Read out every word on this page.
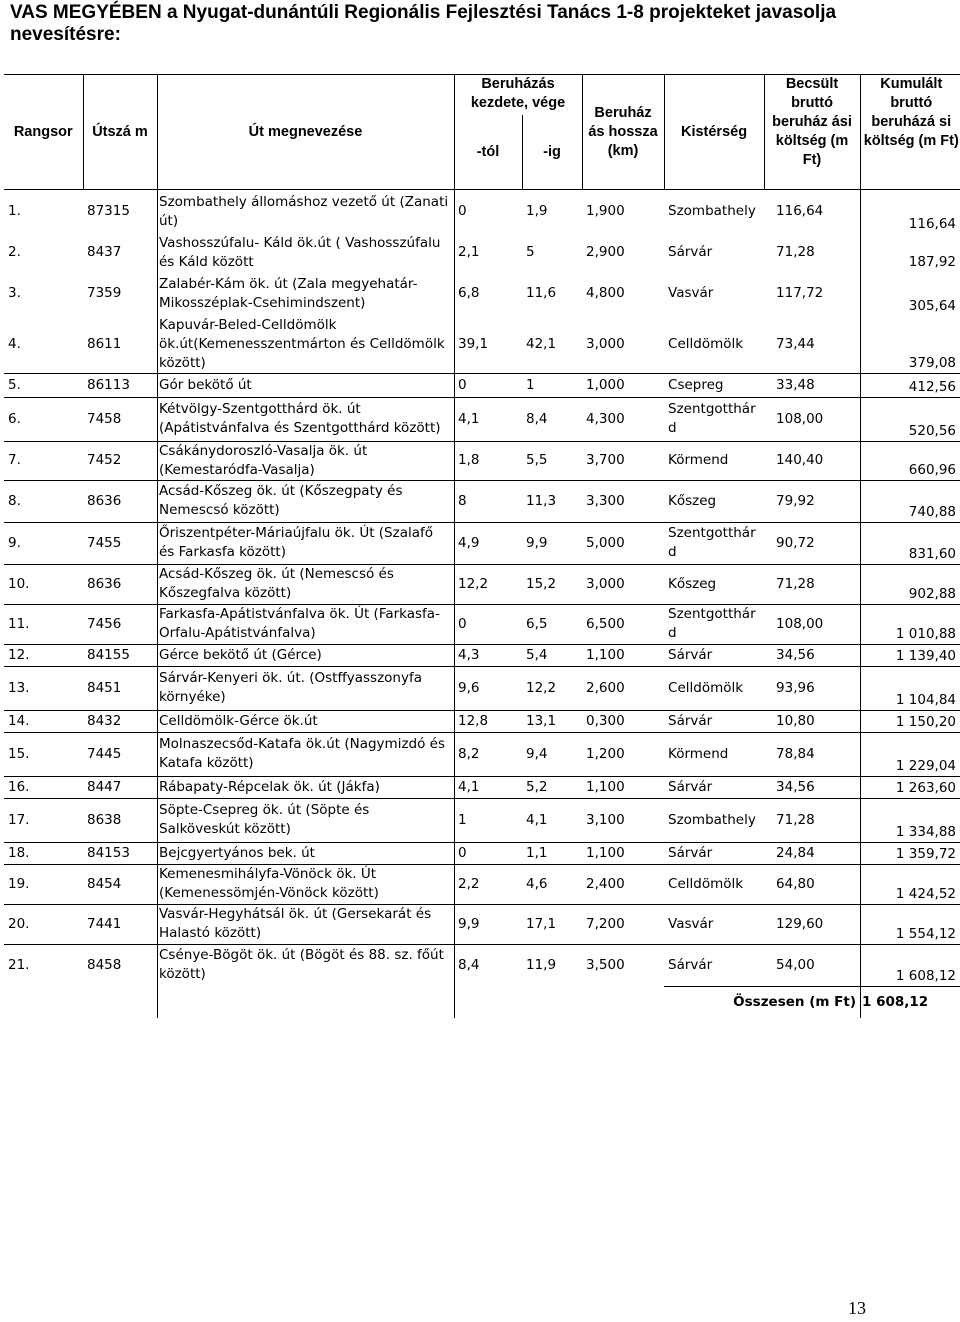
VAS MEGYÉBEN a Nyugat-dunántúli Regionális Fejlesztési Tanács 1-8 projekteket javasolja nevesítésre:
Rangsor	Útszá m	Út megnevezése	Beruházás kezdete, vége		Beruház ás hossza (km)	Kistérség	Becsült bruttó beruház ási költség (m Ft)	Kumulált bruttó beruházá si költség (m Ft)
			-tól	-ig				
1.	87315	Szombathely állomáshoz vezető út (Zanati út)	0	1,9	1,900	Szombathely	116,64	116,64
2.	8437	Vashosszúfalu- Káld ök.út ( Vashosszúfalu és Káld között	2,1	5	2,900	Sárvár	71,28	187,92
3.	7359	Zalabér-Kám ök. út (Zala megyehatár-Mikosszéplak-Csehimindszent)	6,8	11,6	4,800	Vasvár	117,72	305,64
4.	8611	Kapuvár-Beled-Celldömölk ök.út(Kemenesszentmárton és Celldömölk között)	39,1	42,1	3,000	Celldömölk	73,44	379,08
5.	86113	Gór bekötő út	0	1	1,000	Csepreg	33,48	412,56
6.	7458	Kétvölgy-Szentgotthárd ök. út (Apátistvánfalva és Szentgotthárd között)	4,1	8,4	4,300	Szentgotthár d	108,00	520,56
7.	7452	Csákánydoroszló-Vasalja ök. út (Kemestaródfa-Vasalja)	1,8	5,5	3,700	Körmend	140,40	660,96
8.	8636	Acsád-Kőszeg ök. út (Kőszegpaty és Nemescsó között)	8	11,3	3,300	Kőszeg	79,92	740,88
9.	7455	Őriszentpéter-Máriaújfalu ök. Út (Szalafő és Farkasfa között)	4,9	9,9	5,000	Szentgotthár d	90,72	831,60
10.	8636	Acsád-Kőszeg ök. út (Nemescsó és Kőszegfalva között)	12,2	15,2	3,000	Kőszeg	71,28	902,88
11.	7456	Farkasfa-Apátistvánfalva ök. Út (Farkasfa-Orfalu-Apátistvánfalva)	0	6,5	6,500	Szentgotthár d	108,00	1 010,88
12.	84155	Gérce bekötő út (Gérce)	4,3	5,4	1,100	Sárvár	34,56	1 139,40
13.	8451	Sárvár-Kenyeri ök. út. (Ostffyasszonyfa környéke)	9,6	12,2	2,600	Celldömölk	93,96	1 104,84
14.	8432	Celldömölk-Gérce ök.út	12,8	13,1	0,300	Sárvár	10,80	1 150,20
15.	7445	Molnaszecsőd-Katafa ök.út (Nagymizdó és Katafa között)	8,2	9,4	1,200	Körmend	78,84	1 229,04
16.	8447	Rábapaty-Répcelak ök. út (Jákfa)	4,1	5,2	1,100	Sárvár	34,56	1 263,60
17.	8638	Söpte-Csepreg ök. út (Söpte és Salköveskút között)	1	4,1	3,100	Szombathely	71,28	1 334,88
18.	84153	Bejcgyertyános bek. út	0	1,1	1,100	Sárvár	24,84	1 359,72
19.	8454	Kemenesmihályfa-Vönöck ök. Út (Kemenessömjén-Vönöck között)	2,2	4,6	2,400	Celldömölk	64,80	1 424,52
20.	7441	Vasvár-Hegyhátsál ök. út (Gersekarát és Halastó között)	9,9	17,1	7,200	Vasvár	129,60	1 554,12
21.	8458	Csénye-Bögöt ök. út (Bögöt és 88. sz. főút között)	8,4	11,9	3,500	Sárvár	54,00	1 608,12
						Összesen (m Ft)		1 608,12
13
